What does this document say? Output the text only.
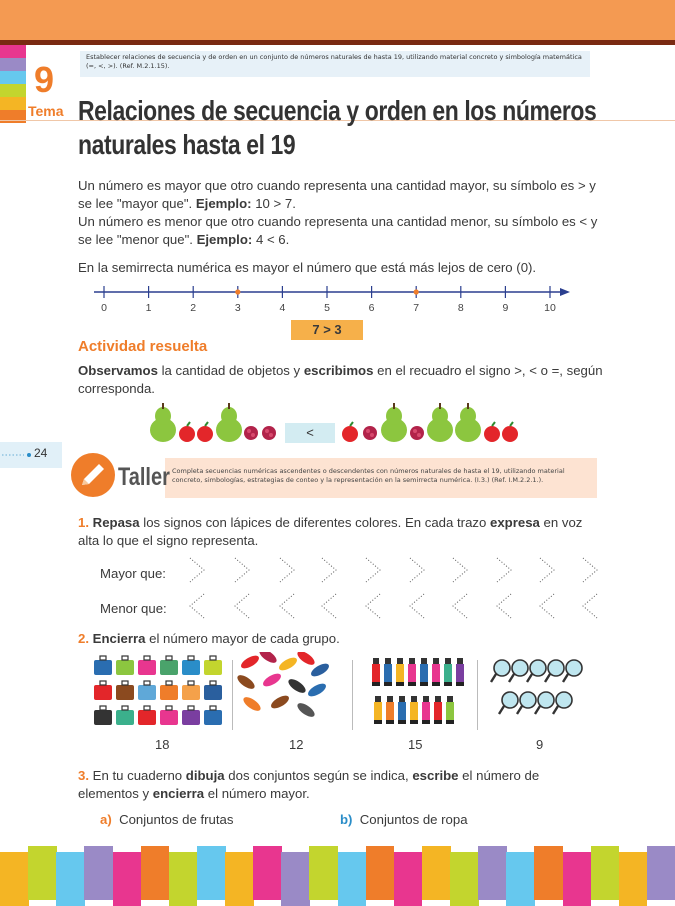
9
Tema
Establecer relaciones de secuencia y de orden en un conjunto de números naturales de hasta 19, utilizando material concreto y simbología matemática (=, <, >). (Ref. M.2.1.15).
Relaciones de secuencia y orden en los números naturales hasta el 19
Un número es mayor que otro cuando representa una cantidad mayor, su símbolo es > y se lee "mayor que". Ejemplo: 10 > 7.
Un número es menor que otro cuando representa una cantidad menor, su símbolo es < y se lee "menor que". Ejemplo: 4 < 6.
En la semirrecta numérica es mayor el número que está más lejos de cero (0).
0	1	2	3	4	5	6	7	8	9	10
7 > 3
Actividad resuelta
Observamos la cantidad de objetos y escribimos en el recuadro el signo >, < o =, según corresponda.
<
24
Taller Completa secuencias numéricas ascendentes o descendentes con números naturales de hasta el 19, utilizando material concreto, simbologías, estrategias de conteo y la representación en la semirrecta numérica. (I.3.) (Ref. I.M.2.2.1.).
1. Repasa los signos con lápices de diferentes colores. En cada trazo expresa en voz alta lo que el signo representa.
Mayor que:
Menor que:
2. Encierra el número mayor de cada grupo.
18	12	15	9
3. En tu cuaderno dibuja dos conjuntos según se indica, escribe el número de elementos y encierra el número mayor.
a) Conjuntos de frutas	b) Conjuntos de ropa
